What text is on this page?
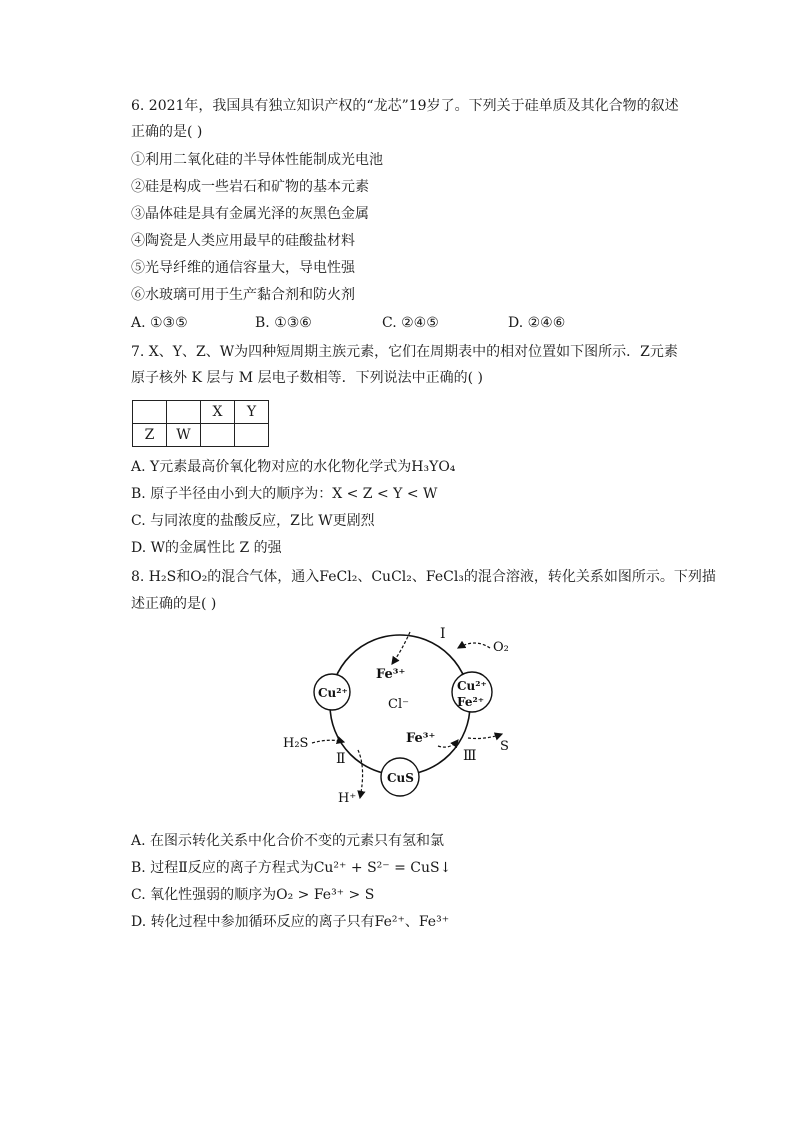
6. 2021年，我国具有独立知识产权的“龙芯”19岁了。下列关于硅单质及其化合物的叙述
正确的是( )
①利用二氧化硅的半导体性能制成光电池
②硅是构成一些岩石和矿物的基本元素
③晶体硅是具有金属光泽的灰黑色金属
④陶瓷是人类应用最早的硅酸盐材料
⑤光导纤维的通信容量大，导电性强
⑥水玻璃可用于生产黏合剂和防火剂
A. ①③⑤	B. ①③⑥	C. ②④⑤	D. ②④⑥
7. X、Y、Z、W为四种短周期主族元素，它们在周期表中的相对位置如下图所示．Z元素
原子核外 K 层与 M 层电子数相等．下列说法中正确的( )
		X	Y
Z	W		
A. Y元素最高价氧化物对应的水化物化学式为H₃YO₄
B. 原子半径由小到大的顺序为：X < Z < Y < W
C. 与同浓度的盐酸反应，Z比 W更剧烈
D. W的金属性比 Z 的强
8. H₂S和O₂的混合气体，通入FeCl₂、CuCl₂、FeCl₃的混合溶液，转化关系如图所示。下列描
述正确的是( )
Ⅰ
O₂
Fe³⁺
Cl⁻
Cu²⁺	Cu²⁺
Fe²⁺
H₂S
Ⅱ
Fe³⁺
Ⅲ
S
CuS
H⁺
A. 在图示转化关系中化合价不变的元素只有氢和氯
B. 过程Ⅱ反应的离子方程式为Cu²⁺ + S²⁻ = CuS↓
C. 氧化性强弱的顺序为O₂ > Fe³⁺ > S
D. 转化过程中参加循环反应的离子只有Fe²⁺、Fe³⁺
